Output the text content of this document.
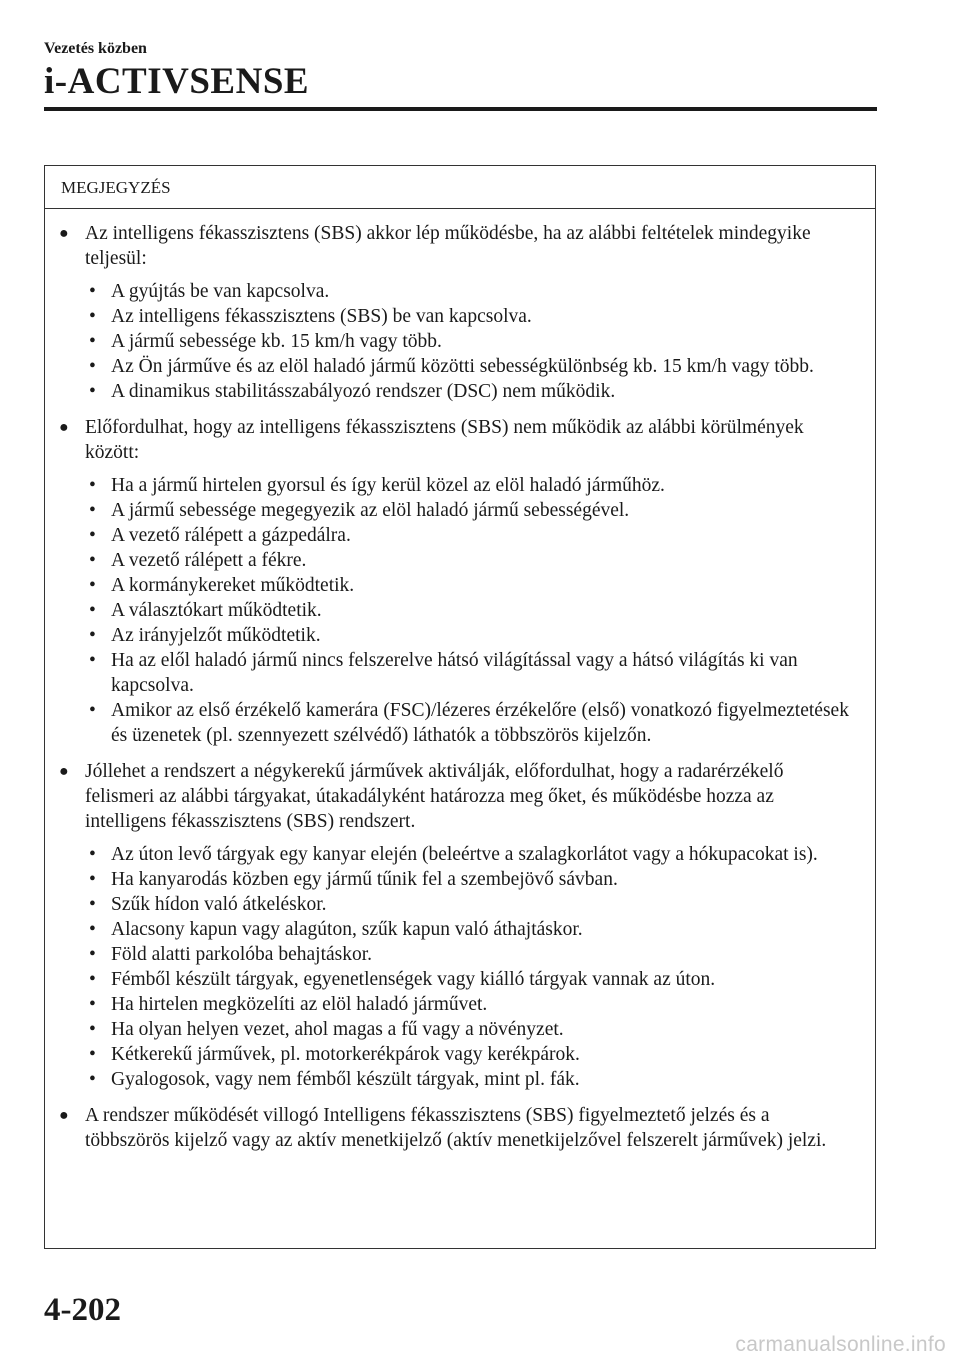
Vezetés közben
i-ACTIVSENSE
MEGJEGYZÉS
● Az intelligens fékasszisztens (SBS) akkor lép működésbe, ha az alábbi feltételek mindegyike teljesül:
• A gyújtás be van kapcsolva.
• Az intelligens fékasszisztens (SBS) be van kapcsolva.
• A jármű sebessége kb. 15 km/h vagy több.
• Az Ön járműve és az elöl haladó jármű közötti sebességkülönbség kb. 15 km/h vagy több.
• A dinamikus stabilitásszabályozó rendszer (DSC) nem működik.
● Előfordulhat, hogy az intelligens fékasszisztens (SBS) nem működik az alábbi körülmények között:
• Ha a jármű hirtelen gyorsul és így kerül közel az elöl haladó járműhöz.
• A jármű sebessége megegyezik az elöl haladó jármű sebességével.
• A vezető rálépett a gázpedálra.
• A vezető rálépett a fékre.
• A kormánykereket működtetik.
• A választókart működtetik.
• Az irányjelzőt működtetik.
• Ha az elől haladó jármű nincs felszerelve hátsó világítással vagy a hátsó világítás ki van kapcsolva.
• Amikor az első érzékelő kamerára (FSC)/lézeres érzékelőre (első) vonatkozó figyelmeztetések és üzenetek (pl. szennyezett szélvédő) láthatók a többszörös kijelzőn.
● Jóllehet a rendszert a négykerekű járművek aktiválják, előfordulhat, hogy a radarérzékelő felismeri az alábbi tárgyakat, útakadályként határozza meg őket, és működésbe hozza az intelligens fékasszisztens (SBS) rendszert.
• Az úton levő tárgyak egy kanyar elején (beleértve a szalagkorlátot vagy a hókupacokat is).
• Ha kanyarodás közben egy jármű tűnik fel a szembejövő sávban.
• Szűk hídon való átkeléskor.
• Alacsony kapun vagy alagúton, szűk kapun való áthajtáskor.
• Föld alatti parkolóba behajtáskor.
• Fémből készült tárgyak, egyenetlenségek vagy kiálló tárgyak vannak az úton.
• Ha hirtelen megközelíti az elöl haladó járművet.
• Ha olyan helyen vezet, ahol magas a fű vagy a növényzet.
• Kétkerekű járművek, pl. motorkerékpárok vagy kerékpárok.
• Gyalogosok, vagy nem fémből készült tárgyak, mint pl. fák.
● A rendszer működését villogó Intelligens fékasszisztens (SBS) figyelmeztető jelzés és a többszörös kijelző vagy az aktív menetkijelző (aktív menetkijelzővel felszerelt járművek) jelzi.
4-202
carmanualsonline.info
